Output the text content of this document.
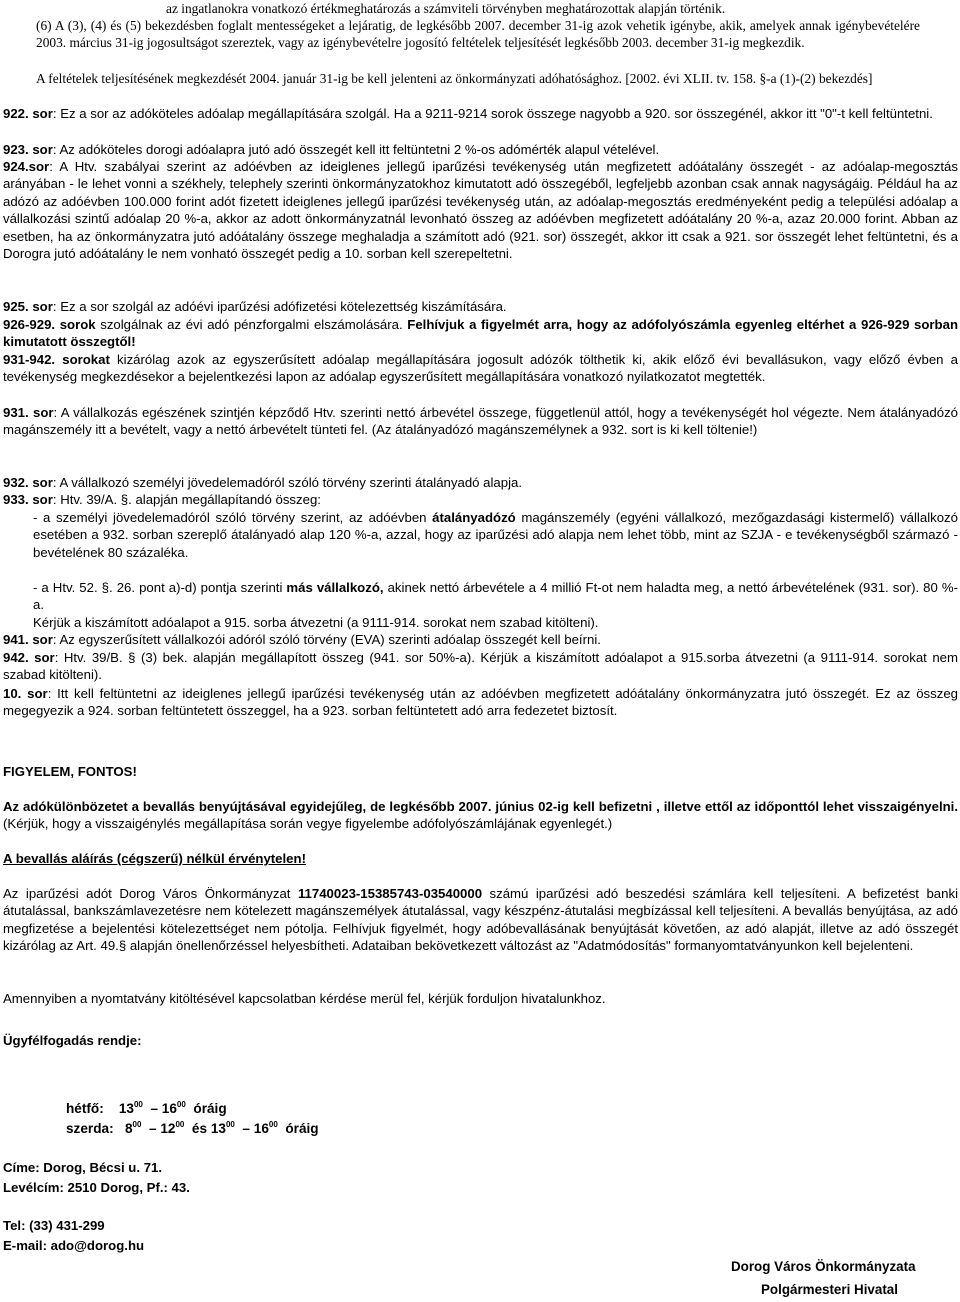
az ingatlanokra vonatkozó értékmeghatározás a számviteli törvényben meghatározottak alapján történik.

(6) A (3), (4) és (5) bekezdésben foglalt mentességeket a lejáratig, de legkésőbb 2007. december 31-ig azok vehetik igénybe, akik, amelyek annak igénybevételére 2003. március 31-ig jogosultságot szereztek, vagy az igénybevételre jogosító feltételek teljesítését legkésőbb 2003. december 31-ig megkezdik.

A feltételek teljesítésének megkezdését 2004. január 31-ig be kell jelenteni az önkormányzati adóhatósághoz. [2002. évi XLII. tv. 158. §-a (1)-(2) bekezdés]

922. sor: Ez a sor az adóköteles adóalap megállapítására szolgál. Ha a 9211-9214 sorok összege nagyobb a 920. sor összegénél, akkor itt "0"-t kell feltüntetni.

923. sor: Az adóköteles dorogi adóalapra jutó adó összegét kell itt feltüntetni 2 %-os adómérték alapul vételével.

924.sor: A Htv. szabályai szerint az adóévben az ideiglenes jellegű iparűzési tevékenység után megfizetett adóátalány összegét - az adóalap-megosztás arányában - le lehet vonni a székhely, telephely szerinti önkormányzatokhoz kimutatott adó összegéből, legfeljebb azonban csak annak nagyságáig. Például ha az adózó az adóévben 100.000 forint adót fizetett ideiglenes jellegű iparűzési tevékenység után, az adóalap-megosztás eredményeként pedig a települési adóalap a vállalkozási szintű adóalap 20 %-a, akkor az adott önkormányzatnál levonható összeg az adóévben megfizetett adóátalány 20 %-a, azaz 20.000 forint. Abban az esetben, ha az önkormányzatra jutó adóátalány összege meghaladja a számított adó (921. sor) összegét, akkor itt csak a 921. sor összegét lehet feltüntetni, és a Dorogra jutó adóátalány le nem vonható összegét pedig a 10. sorban kell szerepeltetni.

925. sor: Ez a sor szolgál az adóévi iparűzési adófizetési kötelezettség kiszámítására.

926-929. sorok szolgálnak az évi adó pénzforgalmi elszámolására. Felhívjuk a figyelmét arra, hogy az adófolyószámla egyenleg eltérhet a 926-929 sorban kimutatott összegtől!

931-942. sorokat kizárólag azok az egyszerűsített adóalap megállapítására jogosult adózók tölthetik ki, akik előző évi bevallásukon, vagy előző évben a tevékenység megkezdésekor a bejelentkezési lapon az adóalap egyszerűsített megállapítására vonatkozó nyilatkozatot megtették.

931. sor: A vállalkozás egészének szintjén képződő Htv. szerinti nettó árbevétel összege, függetlenül attól, hogy a tevékenységét hol végezte. Nem átalányadózó magánszemély itt a bevételt, vagy a nettó árbevételt tünteti fel. (Az átalányadózó magánszemélynek a 932. sort is ki kell töltenie!)

932. sor: A vállalkozó személyi jövedelemadóról szóló törvény szerinti átalányadó alapja.

933. sor: Htv. 39/A. §. alapján megállapítandó összeg:

- a személyi jövedelemadóról szóló törvény szerint, az adóévben átalányadózó magánszemély (egyéni vállalkozó, mezőgazdasági kistermelő) vállalkozó esetében a 932. sorban szereplő átalányadó alap 120 %-a, azzal, hogy az iparűzési adó alapja nem lehet több, mint az SZJA - e tevékenységből származó - bevételének 80 százaléka.

- a Htv. 52. §. 26. pont a)-d) pontja szerinti más vállalkozó, akinek nettó árbevétele a 4 millió Ft-ot nem haladta meg, a nettó árbevételének (931. sor). 80 %-a.

Kérjük a kiszámított adóalapot a 915. sorba átvezetni (a 9111-914. sorokat nem szabad kitölteni).

941. sor: Az egyszerűsített vállalkozói adóról szóló törvény (EVA) szerinti adóalap összegét kell beírni.

942. sor: Htv. 39/B. § (3) bek. alapján megállapított összeg (941. sor 50%-a). Kérjük a kiszámított adóalapot a 915.sorba átvezetni (a 9111-914. sorokat nem szabad kitölteni).

10. sor: Itt kell feltüntetni az ideiglenes jellegű iparűzési tevékenység után az adóévben megfizetett adóátalány önkormányzatra jutó összegét. Ez az összeg megegyezik a 924. sorban feltüntetett összeggel, ha a 923. sorban feltüntetett adó arra fedezetet biztosít.

FIGYELEM, FONTOS!

Az adókülönbözetet a bevallás benyújtásával egyidejűleg, de legkésőbb 2007. június 02-ig kell befizetni , illetve ettől az időponttól lehet visszaigényelni. (Kérjük, hogy a visszaigénylés megállapítása során vegye figyelembe adófolyószámlájának egyenlegét.)

A bevallás aláírás (cégszerű) nélkül érvénytelen!

Az iparűzési adót Dorog Város Önkormányzat 11740023-15385743-03540000 számú iparűzési adó beszedési számlára kell teljesíteni. A befizetést banki átutalással, bankszámlavezetésre nem kötelezett magánszemélyek átutalással, vagy készpénz-átutalási megbízással kell teljesíteni. A bevallás benyújtása, az adó megfizetése a bejelentési kötelezettséget nem pótolja. Felhívjuk figyelmét, hogy adóbevallásának benyújtását követően, az adó alapját, illetve az adó összegét kizárólag az Art. 49.§ alapján önellenőrzéssel helyesbítheti. Adataiban bekövetkezett változást az "Adatmódosítás" formanyomtatványunkon kell bejelenteni.

Amennyiben a nyomtatvány kitöltésével kapcsolatban kérdése merül fel, kérjük forduljon hivatalunkhoz.

Ügyfélfogadás rendje:

hétfő: $13^{00} - 16^{00}$ óráig
szerda: $8^{00} - 12^{00}$ és $13^{00} - 16^{00}$ óráig

Címe: Dorog, Bécsi u. 71.

Levélcím: 2510 Dorog, Pf.: 43.

Tel: (33) 431-299

E-mail: ado@dorog.hu

Dorog Város Önkormányzata
Polgármesteri Hivatal
